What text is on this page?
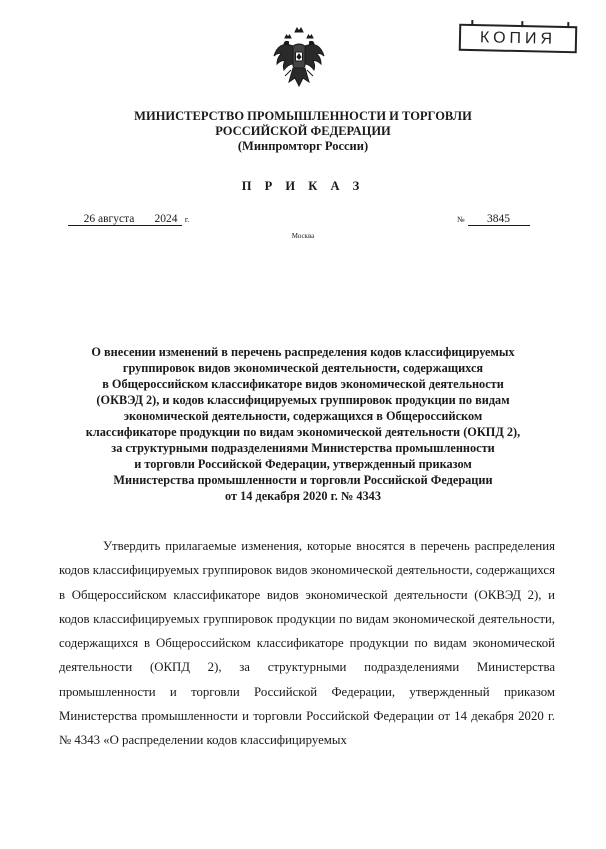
КОПИЯ
МИНИСТЕРСТВО ПРОМЫШЛЕННОСТИ И ТОРГОВЛИ
РОССИЙСКОЙ ФЕДЕРАЦИИ
(Минпромторг России)
П Р И К А З
26 августа 2024 г.	№ 3845
Москва
О внесении изменений в перечень распределения кодов классифицируемых
группировок видов экономической деятельности, содержащихся
в Общероссийском классификаторе видов экономической деятельности
(ОКВЭД 2), и кодов классифицируемых группировок продукции по видам
экономической деятельности, содержащихся в Общероссийском
классификаторе продукции по видам экономической деятельности (ОКПД 2),
за структурными подразделениями Министерства промышленности
и торговли Российской Федерации, утвержденный приказом
Министерства промышленности и торговли Российской Федерации
от 14 декабря 2020 г. № 4343

Утвердить прилагаемые изменения, которые вносятся в перечень распределения кодов классифицируемых группировок видов экономической деятельности, содержащихся в Общероссийском классификаторе видов экономической деятельности (ОКВЭД 2), и кодов классифицируемых группировок продукции по видам экономической деятельности, содержащихся в Общероссийском классификаторе продукции по видам экономической деятельности (ОКПД 2), за структурными подразделениями Министерства промышленности и торговли Российской Федерации, утвержденный приказом Министерства промышленности и торговли Российской Федерации от 14 декабря 2020 г. № 4343 «О распределении кодов классифицируемых
